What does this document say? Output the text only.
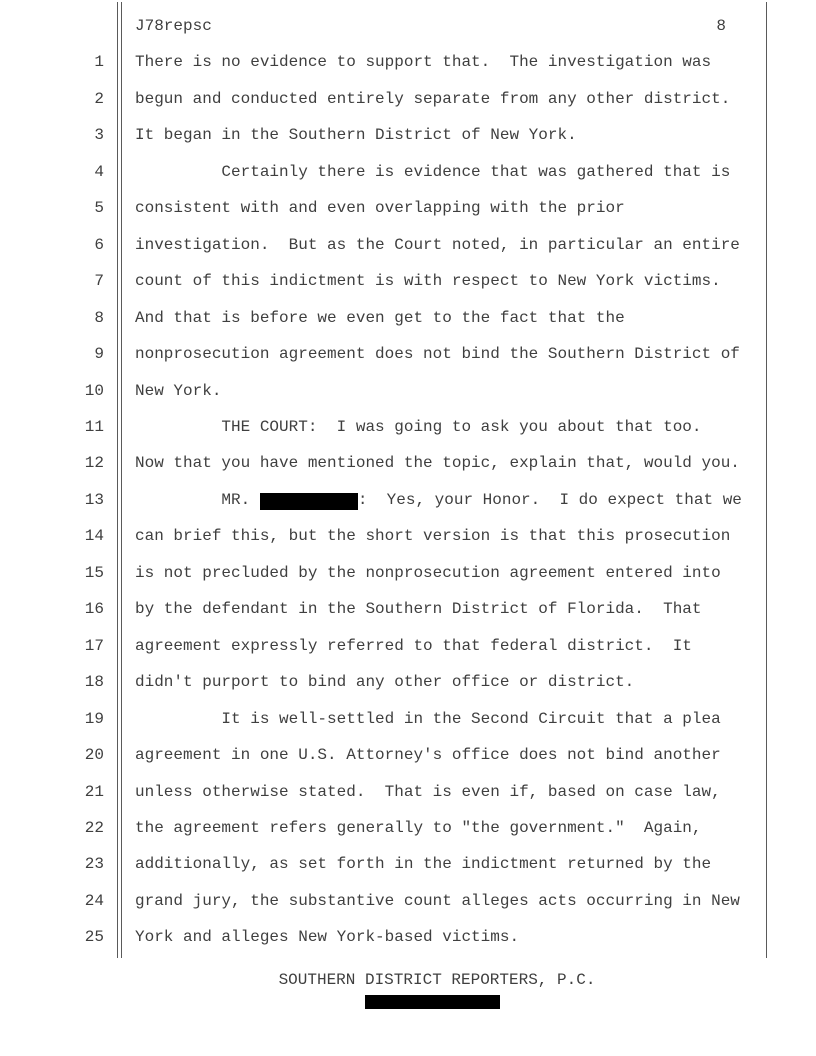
J78repsc	8
1	There is no evidence to support that.  The investigation was
2	begun and conducted entirely separate from any other district.
3	It began in the Southern District of New York.
4	Certainly there is evidence that was gathered that is
5	consistent with and even overlapping with the prior
6	investigation.  But as the Court noted, in particular an entire
7	count of this indictment is with respect to New York victims.
8	And that is before we even get to the fact that the
9	nonprosecution agreement does not bind the Southern District of
10	New York.
11	THE COURT:  I was going to ask you about that too.
12	Now that you have mentioned the topic, explain that, would you.
13	MR.	:  Yes, your Honor.  I do expect that we
14	can brief this, but the short version is that this prosecution
15	is not precluded by the nonprosecution agreement entered into
16	by the defendant in the Southern District of Florida.  That
17	agreement expressly referred to that federal district.  It
18	didn't purport to bind any other office or district.
19	It is well-settled in the Second Circuit that a plea
20	agreement in one U.S. Attorney's office does not bind another
21	unless otherwise stated.  That is even if, based on case law,
22	the agreement refers generally to "the government."  Again,
23	additionally, as set forth in the indictment returned by the
24	grand jury, the substantive count alleges acts occurring in New
25	York and alleges New York-based victims.
SOUTHERN DISTRICT REPORTERS, P.C.
